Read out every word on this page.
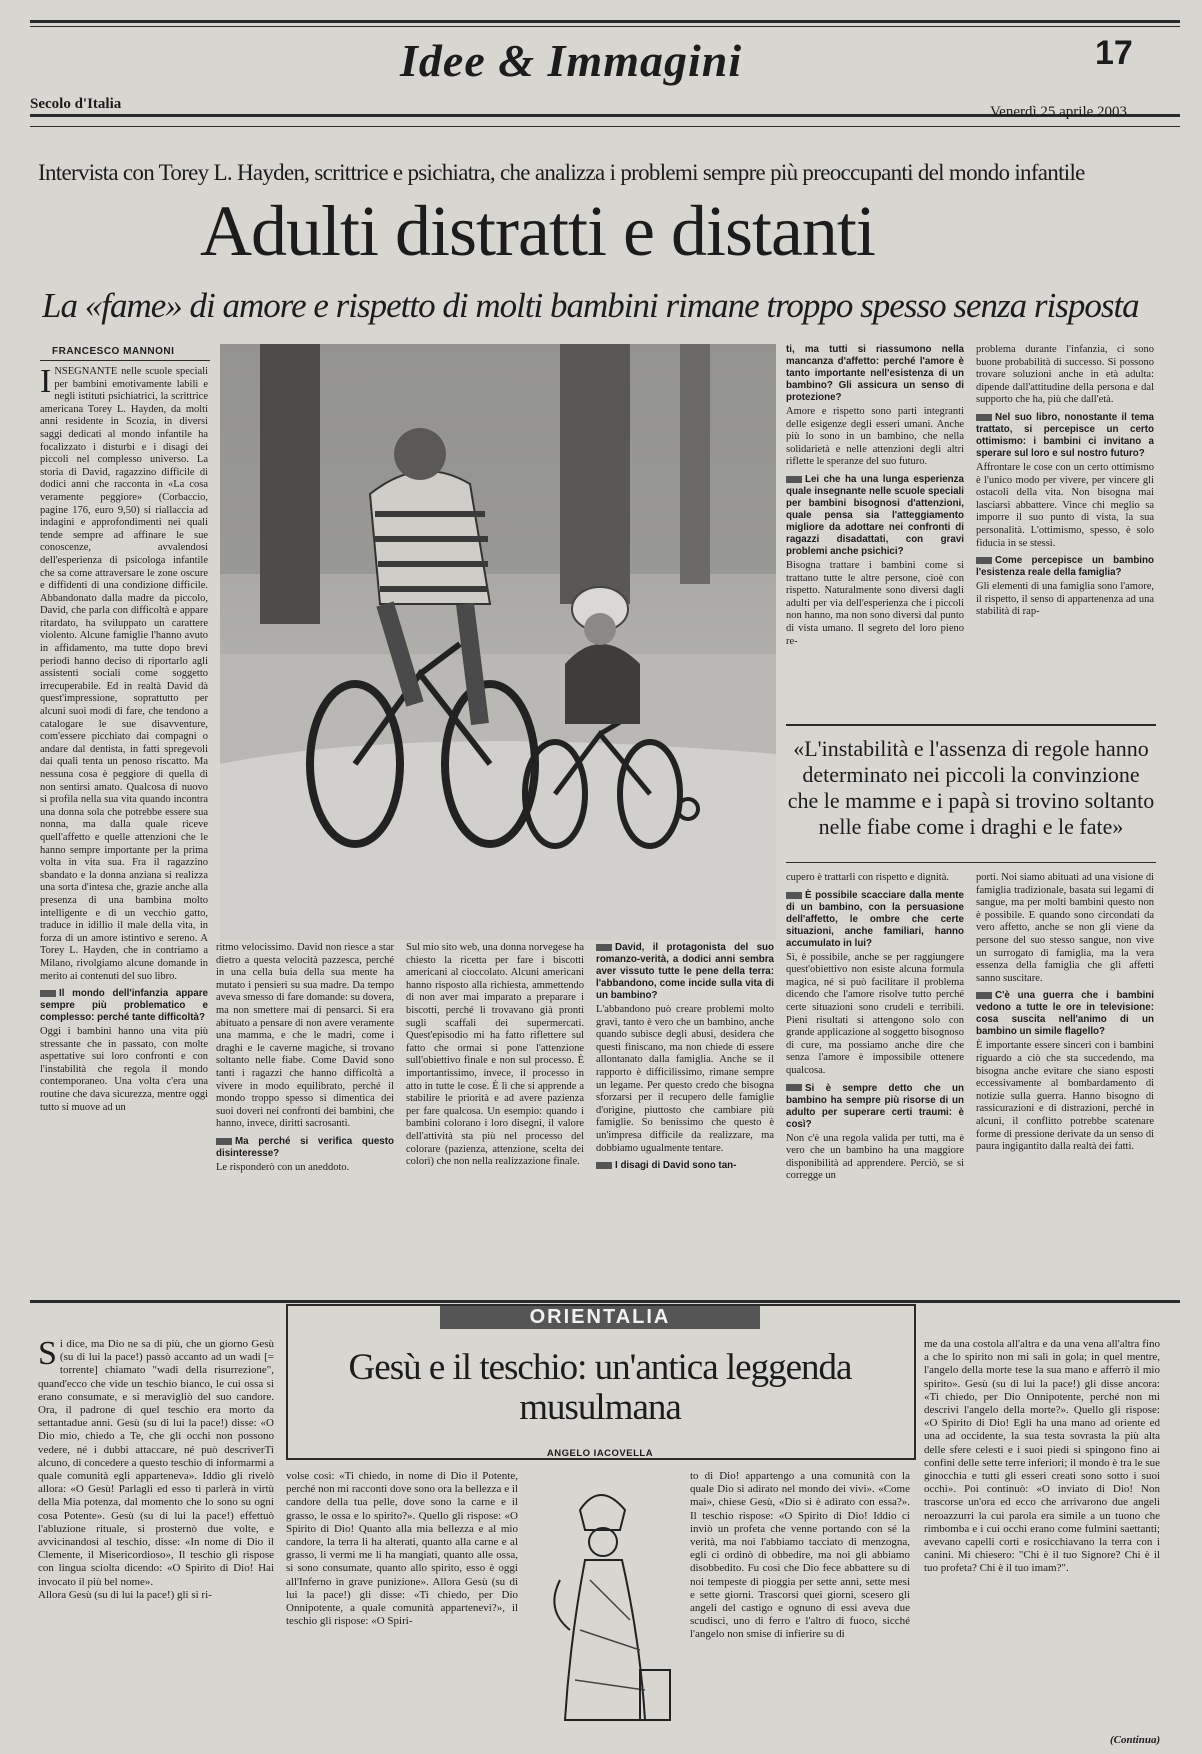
Idee & Immagini	17
Secolo d'Italia	Venerdì 25 aprile 2003
Intervista con Torey L. Hayden, scrittrice e psichiatra, che analizza i problemi sempre più preoccupanti del mondo infantile
Adulti distratti e distanti
La «fame» di amore e rispetto di molti bambini rimane troppo spesso senza risposta
FRANCESCO MANNONI

INSEGNANTE nelle scuole speciali per bambini emotivamente labili e negli istituti psichiatrici, la scrittrice americana Torey L. Hayden, da molti anni residente in Scozia, in diversi saggi dedicati al mondo infantile ha focalizzato i disturbi e i disagi dei piccoli nel complesso universo. La storia di David, ragazzino difficile di dodici anni che racconta in «La cosa veramente peggiore» (Corbaccio, pagine 176, euro 9,50) si riallaccia ad indagini e approfondimenti nei quali tende sempre ad affinare le sue conoscenze, avvalendosi dell'esperienza di psicologa infantile che sa come attraversare le zone oscure e diffidenti di una condizione difficile. Abbandonato dalla madre da piccolo, David, che parla con difficoltà e appare ritardato, ha sviluppato un carattere violento. Alcune famiglie l'hanno avuto in affidamento, ma tutte dopo brevi periodi hanno deciso di riportarlo agli assistenti sociali come soggetto irrecuperabile. Ed in realtà David dà quest'impressione, soprattutto per alcuni suoi modi di fare, che tendono a catalogare le sue disavventure, com'essere picchiato dai compagni o andare dal dentista, in fatti spregevoli dai quali tenta un penoso riscatto. Ma nessuna cosa è peggiore di quella di non sentirsi amato. Qualcosa di nuovo si profila nella sua vita quando incontra una donna sola che potrebbe essere sua nonna, ma dalla quale riceve quell'affetto e quelle attenzioni che le hanno sempre importante per la prima volta in vita sua. Fra il ragazzino sbandato e la donna anziana si realizza una sorta d'intesa che, grazie anche alla presenza di una bambina molto intelligente e di un vecchio gatto, traduce in idillio il male della vita, in forza di un amore istintivo e sereno. A Torey L. Hayden, che in contriamo a Milano, rivolgiamo alcune domande in merito ai contenuti del suo libro.

Il mondo dell'infanzia appare sempre più problematico e complesso: perché tante difficoltà?

Oggi i bambini hanno una vita più stressante che in passato, con molte aspettative sui loro confronti e con l'instabilità che regola il mondo contemporaneo. Una volta c'era una routine che dava sicurezza, mentre oggi tutto si muove ad un

ritmo velocissimo. David non riesce a star dietro a questa velocità pazzesca, perché in una cella buia della sua mente ha mutato i pensieri su sua madre. Da tempo aveva smesso di fare domande: su dovera, ma non smettere mai di pensarci. Si era abituato a pensare di non avere veramente una mamma, e che le madri, come i draghi e le caverne magiche, si trovano soltanto nelle fiabe. Come David sono tanti i ragazzi che hanno difficoltà a vivere in modo equilibrato, perché il mondo troppo spesso si dimentica dei suoi doveri nei confronti dei bambini, che hanno, invece, diritti sacrosanti.

Ma perché si verifica questo disinteresse?

Le risponderò con un aneddoto.

Sul mio sito web, una donna norvegese ha chiesto la ricetta per fare i biscotti americani al cioccolato. Alcuni americani hanno risposto alla richiesta, ammettendo di non aver mai imparato a preparare i biscotti, perché li trovavano già pronti sugli scaffali dei supermercati. Quest'episodio mi ha fatto riflettere sul fatto che ormai si pone l'attenzione sull'obiettivo finale e non sul processo. È importantissimo, invece, il processo in atto in tutte le cose. È lì che si apprende a stabilire le priorità e ad avere pazienza per fare qualcosa. Un esempio: quando i bambini colorano i loro disegni, il valore dell'attività sta più nel processo del colorare (pazienza, attenzione, scelta dei colori) che non nella realizzazione finale.

David, il protagonista del suo romanzo-verità, a dodici anni sembra aver vissuto tutte le pene della terra: l'abbandono, come incide sulla vita di un bambino?

L'abbandono può creare problemi molto gravi, tanto è vero che un bambino, anche quando subisce degli abusi, desidera che questi finiscano, ma non chiede di essere allontanato dalla famiglia. Anche se il rapporto è difficilissimo, rimane sempre un legame. Per questo credo che bisogna sforzarsi per il recupero delle famiglie d'origine, piuttosto che cambiare più famiglie. So benissimo che questo è un'impresa difficile da realizzare, ma dobbiamo ugualmente tentare.

I disagi di David sono tan-
ti, ma tutti si riassumono nella mancanza d'affetto: perché l'amore è tanto importante nell'esistenza di un bambino? Gli assicura un senso di protezione?

Amore e rispetto sono parti integranti delle esigenze degli esseri umani. Anche più lo sono in un bambino, che nella solidarietà e nelle attenzioni degli altri riflette le speranze del suo futuro.

Lei che ha una lunga esperienza quale insegnante nelle scuole speciali per bambini bisognosi d'attenzioni, quale pensa sia l'atteggiamento migliore da adottare nei confronti di ragazzi disadattati, con gravi problemi anche psichici?

Bisogna trattare i bambini come si trattano tutte le altre persone, cioè con rispetto. Naturalmente sono diversi dagli adulti per via dell'esperienza che i piccoli non hanno, ma non sono diversi dal punto di vista umano. Il segreto del loro pieno re-

problema durante l'infanzia, ci sono buone probabilità di successo. Si possono trovare soluzioni anche in età adulta: dipende dall'attitudine della persona e dal supporto che ha, più che dall'età.

Nel suo libro, nonostante il tema trattato, si percepisce un certo ottimismo: i bambini ci invitano a sperare sul loro e sul nostro futuro?

Affrontare le cose con un certo ottimismo è l'unico modo per vivere, per vincere gli ostacoli della vita. Non bisogna mai lasciarsi abbattere. Vince chi meglio sa imporre il suo punto di vista, la sua personalità. L'ottimismo, spesso, è solo fiducia in se stessi.

Come percepisce un bambino l'esistenza reale della famiglia?

Gli elementi di una famiglia sono l'amore, il rispetto, il senso di appartenenza ad una stabilità di rap-

«L'instabilità e l'assenza di regole hanno determinato nei piccoli la convinzione che le mamme e i papà si trovino soltanto nelle fiabe come i draghi e le fate»

cupero è trattarli con rispetto e dignità.

È possibile scacciare dalla mente di un bambino, con la persuasione dell'affetto, le ombre che certe situazioni, anche familiari, hanno accumulato in lui?

Sì, è possibile, anche se per raggiungere quest'obiettivo non esiste alcuna formula magica, né si può facilitare il problema dicendo che l'amore risolve tutto perché certe situazioni sono crudeli e terribili. Pieni risultati si attengono solo con grande applicazione al soggetto bisognoso di cure, ma possiamo anche dire che senza l'amore è impossibile ottenere qualcosa.

Si è sempre detto che un bambino ha sempre più risorse di un adulto per superare certi traumi: è così?

Non c'è una regola valida per tutti, ma è vero che un bambino ha una maggiore disponibilità ad apprendere. Perciò, se si corregge un

porti. Noi siamo abituati ad una visione di famiglia tradizionale, basata sui legami di sangue, ma per molti bambini questo non è possibile. E quando sono circondati da vero affetto, anche se non gli viene da persone del suo stesso sangue, non vive un surrogato di famiglia, ma la vera essenza della famiglia che gli affetti sanno suscitare.

C'è una guerra che i bambini vedono a tutte le ore in televisione: cosa suscita nell'animo di un bambino un simile flagello?

È importante essere sinceri con i bambini riguardo a ciò che sta succedendo, ma bisogna anche evitare che siano esposti eccessivamente al bombardamento di notizie sulla guerra. Hanno bisogno di rassicurazioni e di distrazioni, perché in alcuni, il conflitto potrebbe scatenare forme di pressione derivate da un senso di paura ingigantito dalla realtà dei fatti.

ORIENTALIA
Gesù e il teschio: un'antica leggenda musulmana
ANGELO IACOVELLA

Si dice, ma Dio ne sa di più, che un giorno Gesù (su di lui la pace!) passò accanto ad un wadi [= torrente] chiamato "wadi della risurrezione", quand'ecco che vide un teschio bianco, le cui ossa si erano consumate, e si meravigliò del suo candore. Ora, il padrone di quel teschio era morto da settantadue anni. Gesù (su di lui la pace!) disse: «O Dio mio, chiedo a Te, che gli occhi non possono vedere, né i dubbi attaccare, né può descriverTi alcuno, di concedere a questo teschio di informarmi a quale comunità egli apparteneva». Iddio gli rivelò allora: «O Gesù! Parlagli ed esso ti parlerà in virtù della Mia potenza, dal momento che lo sono su ogni cosa Potente». Gesù (su di lui la pace!) effettuò l'abluzione rituale, si prosternò due volte, e avvicinandosi al teschio, disse: «In nome di Dio il Clemente, il Misericordioso», Il teschio gli rispose con lingua sciolta dicendo: «O Spirito di Dio! Hai invocato il più bel nome».

Allora Gesù (su di lui la pace!) gli si ri-

volse così: «Ti chiedo, in nome di Dio il Potente, perché non mi racconti dove sono ora la bellezza e il candore della tua pelle, dove sono la carne e il grasso, le ossa e lo spirito?». Quello gli rispose: «O Spirito di Dio! Quanto alla mia bellezza e al mio candore, la terra li ha alterati, quanto alla carne e al grasso, li vermi me li ha mangiati, quanto alle ossa, si sono consumate, quanto allo spirito, esso è oggi all'Inferno in grave punizione». Allora Gesù (su di lui la pace!) gli disse: «Ti chiedo, per Dio Onnipotente, a quale comunità appartenevi?», il teschio gli rispose: «O Spiri-

to di Dio! appartengo a una comunità con la quale Dio si adirato nel mondo dei vivi». «Come mai», chiese Gesù, «Dio si è adirato con essa?». Il teschio rispose: «O Spirito di Dio! Iddio ci inviò un profeta che venne portando con sé la verità, ma noi l'abbiamo tacciato di menzogna, egli ci ordinò di obbedire, ma noi gli abbiamo disobbedito. Fu così che Dio fece abbattere su di noi tempeste di pioggia per sette anni, sette mesi e sette giorni. Trascorsi quei giorni, scesero gli angeli del castigo e ognuno di essi aveva due scudisci, uno di ferro e l'altro di fuoco, sicché l'angelo non smise di infierire su di

me da una costola all'altra e da una vena all'altra fino a che lo spirito non mi salì in gola; in quel mentre, l'angelo della morte tese la sua mano e afferrò il mio spirito». Gesù (su di lui la pace!) gli disse ancora: «Ti chiedo, per Dio Onnipotente, perché non mi descrivi l'angelo della morte?». Quello gli rispose: «O Spirito di Dio! Egli ha una mano ad oriente ed una ad occidente, la sua testa sovrasta la più alta delle sfere celesti e i suoi piedi si spingono fino ai confini delle sette terre inferiori; il mondo è tra le sue ginocchia e tutti gli esseri creati sono sotto i suoi occhi». Poi continuò: «O inviato di Dio! Non trascorse un'ora ed ecco che arrivarono due angeli neroazzurri la cui parola era simile a un tuono che rimbomba e i cui occhi erano come fulmini saettanti; avevano capelli corti e rosicchiavano la terra con i canini. Mi chiesero: "Chi è il tuo Signore? Chi è il tuo profeta? Chi è il tuo imam?".

(Continua)
